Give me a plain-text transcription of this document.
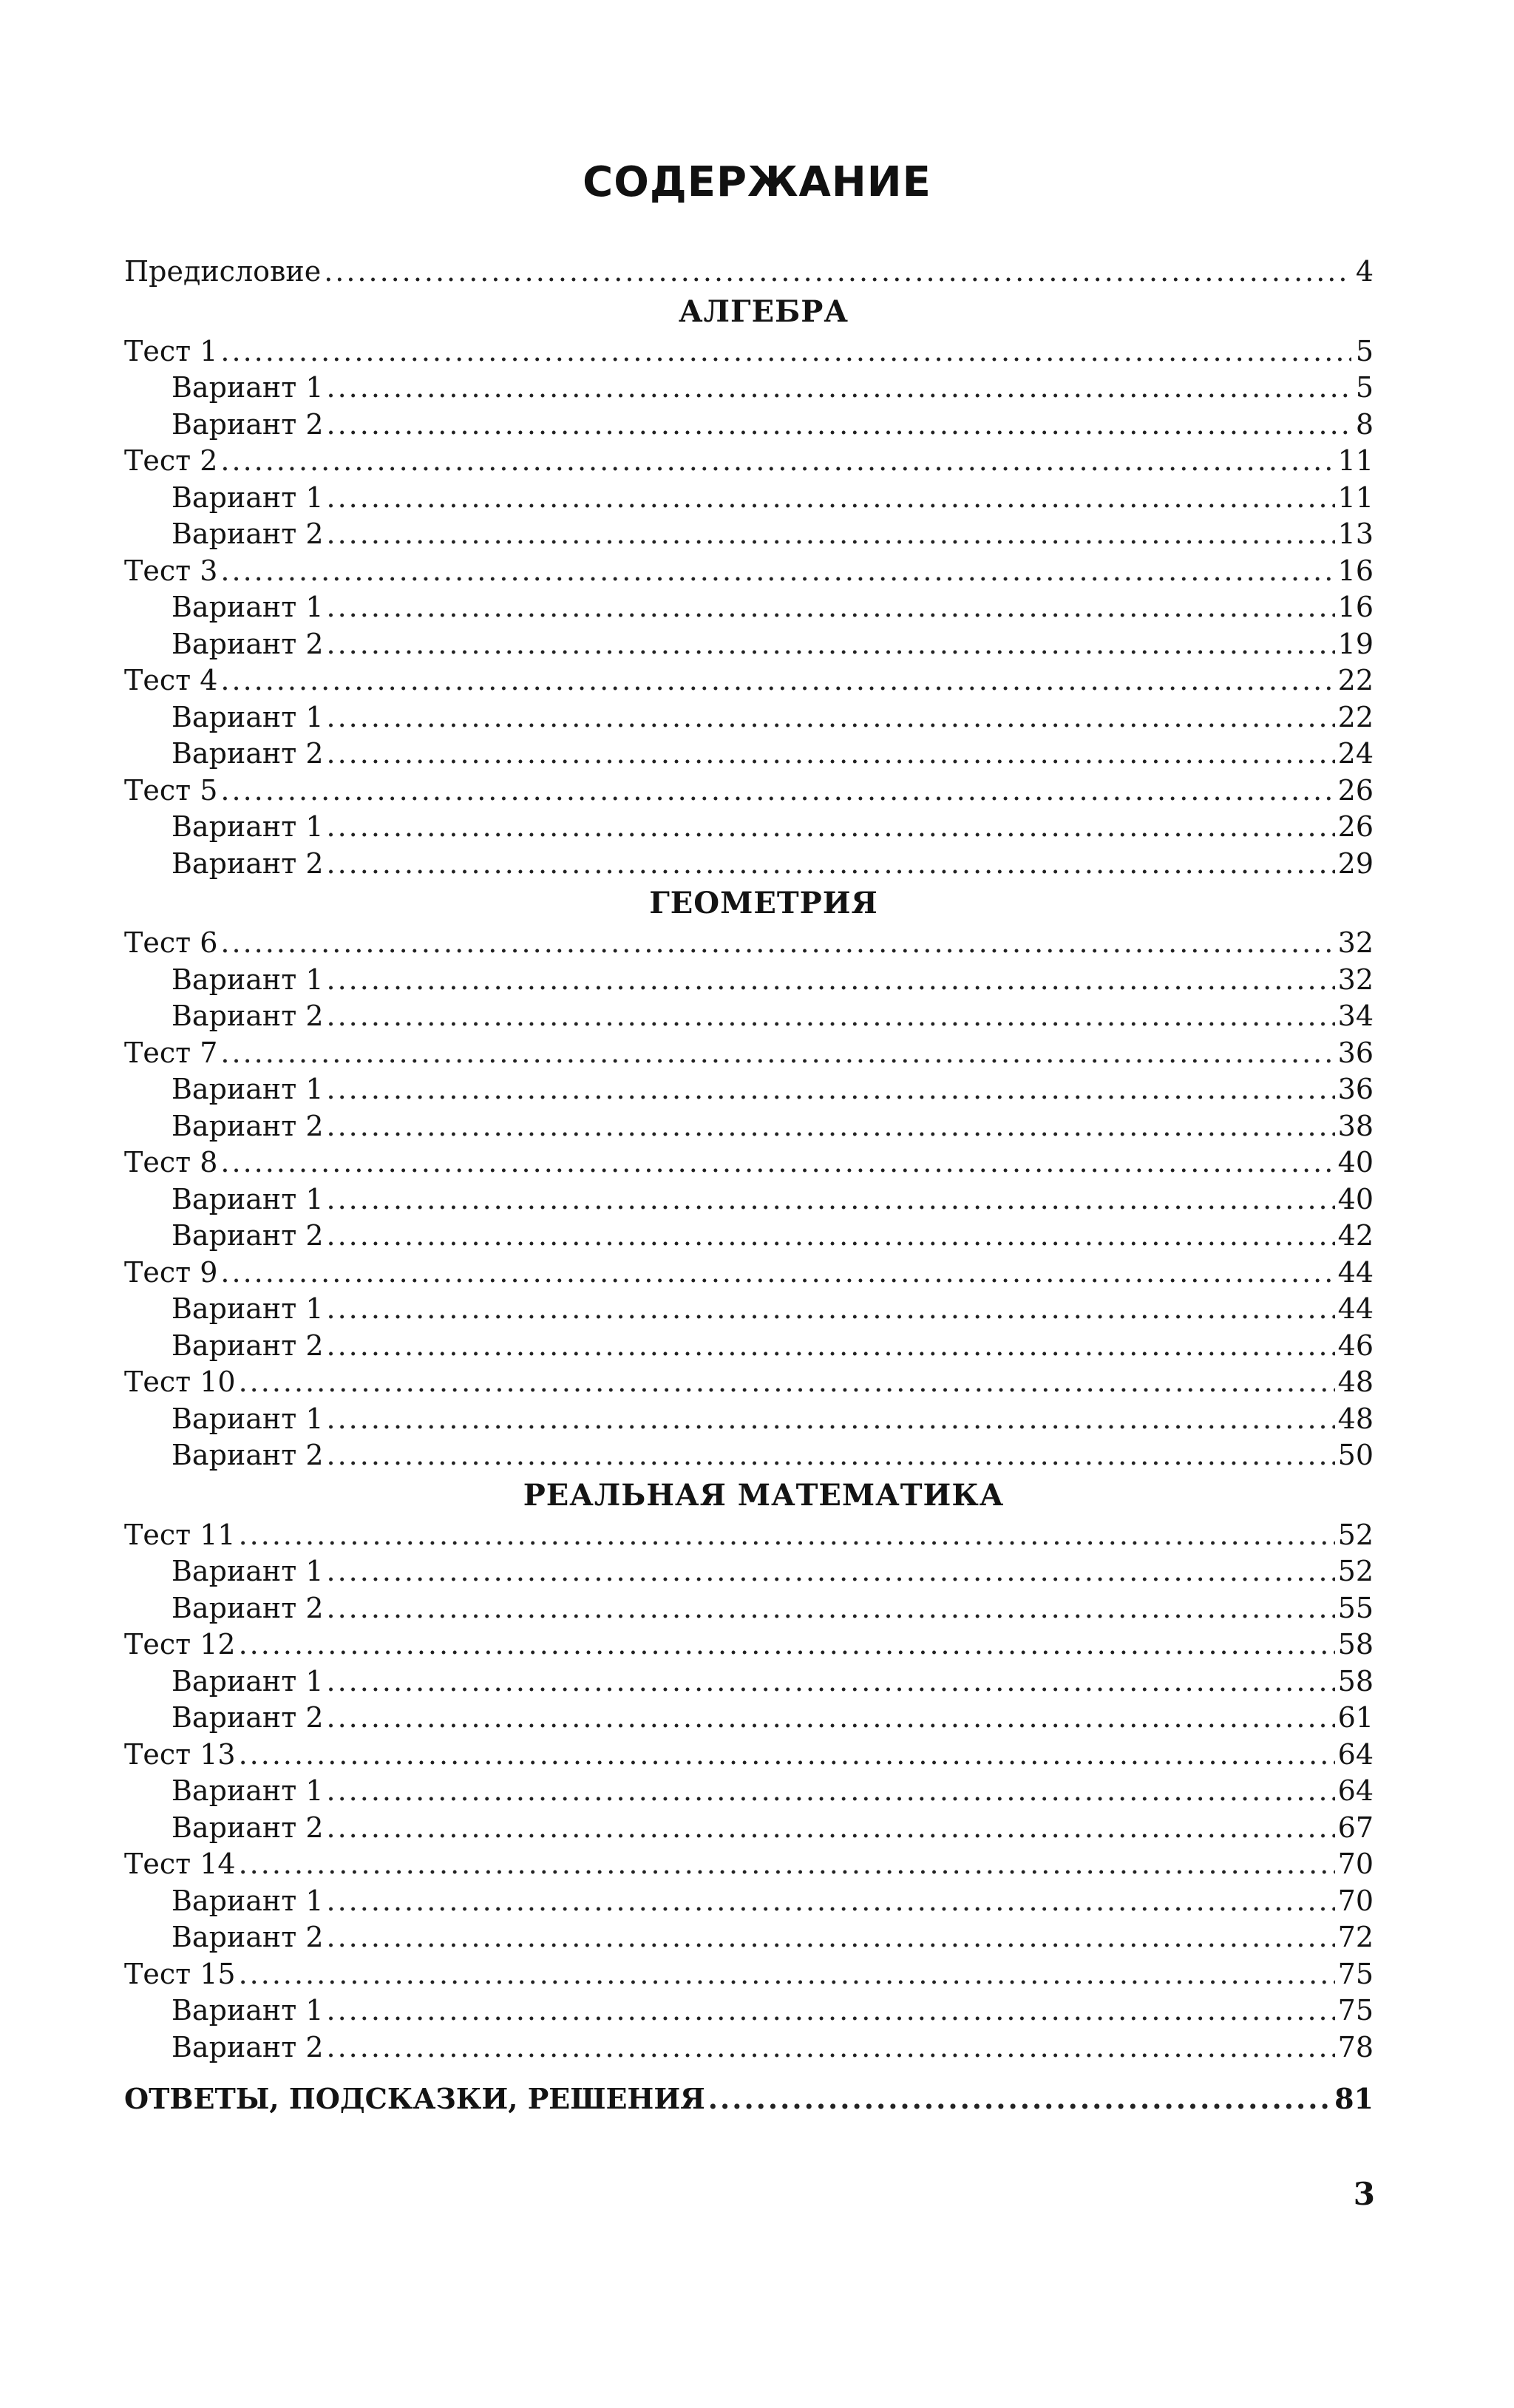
СОДЕРЖАНИЕ
Предисловие .....	4
АЛГЕБРА
Тест 1 .....	5
Вариант 1 .....	5
Вариант 2 .....	8
Тест 2 .....	11
Вариант 1 .....	11
Вариант 2 .....	13
Тест 3 .....	16
Вариант 1 .....	16
Вариант 2 .....	19
Тест 4 .....	22
Вариант 1 .....	22
Вариант 2 .....	24
Тест 5 .....	26
Вариант 1 .....	26
Вариант 2 .....	29
ГЕОМЕТРИЯ
Тест 6 .....	32
Вариант 1 .....	32
Вариант 2 .....	34
Тест 7 .....	36
Вариант 1 .....	36
Вариант 2 .....	38
Тест 8 .....	40
Вариант 1 .....	40
Вариант 2 .....	42
Тест 9 .....	44
Вариант 1 .....	44
Вариант 2 .....	46
Тест 10 .....	48
Вариант 1 .....	48
Вариант 2 .....	50
РЕАЛЬНАЯ МАТЕМАТИКА
Тест 11 .....	52
Вариант 1 .....	52
Вариант 2 .....	55
Тест 12 .....	58
Вариант 1 .....	58
Вариант 2 .....	61
Тест 13 .....	64
Вариант 1 .....	64
Вариант 2 .....	67
Тест 14 .....	70
Вариант 1 .....	70
Вариант 2 .....	72
Тест 15 .....	75
Вариант 1 .....	75
Вариант 2 .....	78
ОТВЕТЫ, ПОДСКАЗКИ, РЕШЕНИЯ .....	81
3
